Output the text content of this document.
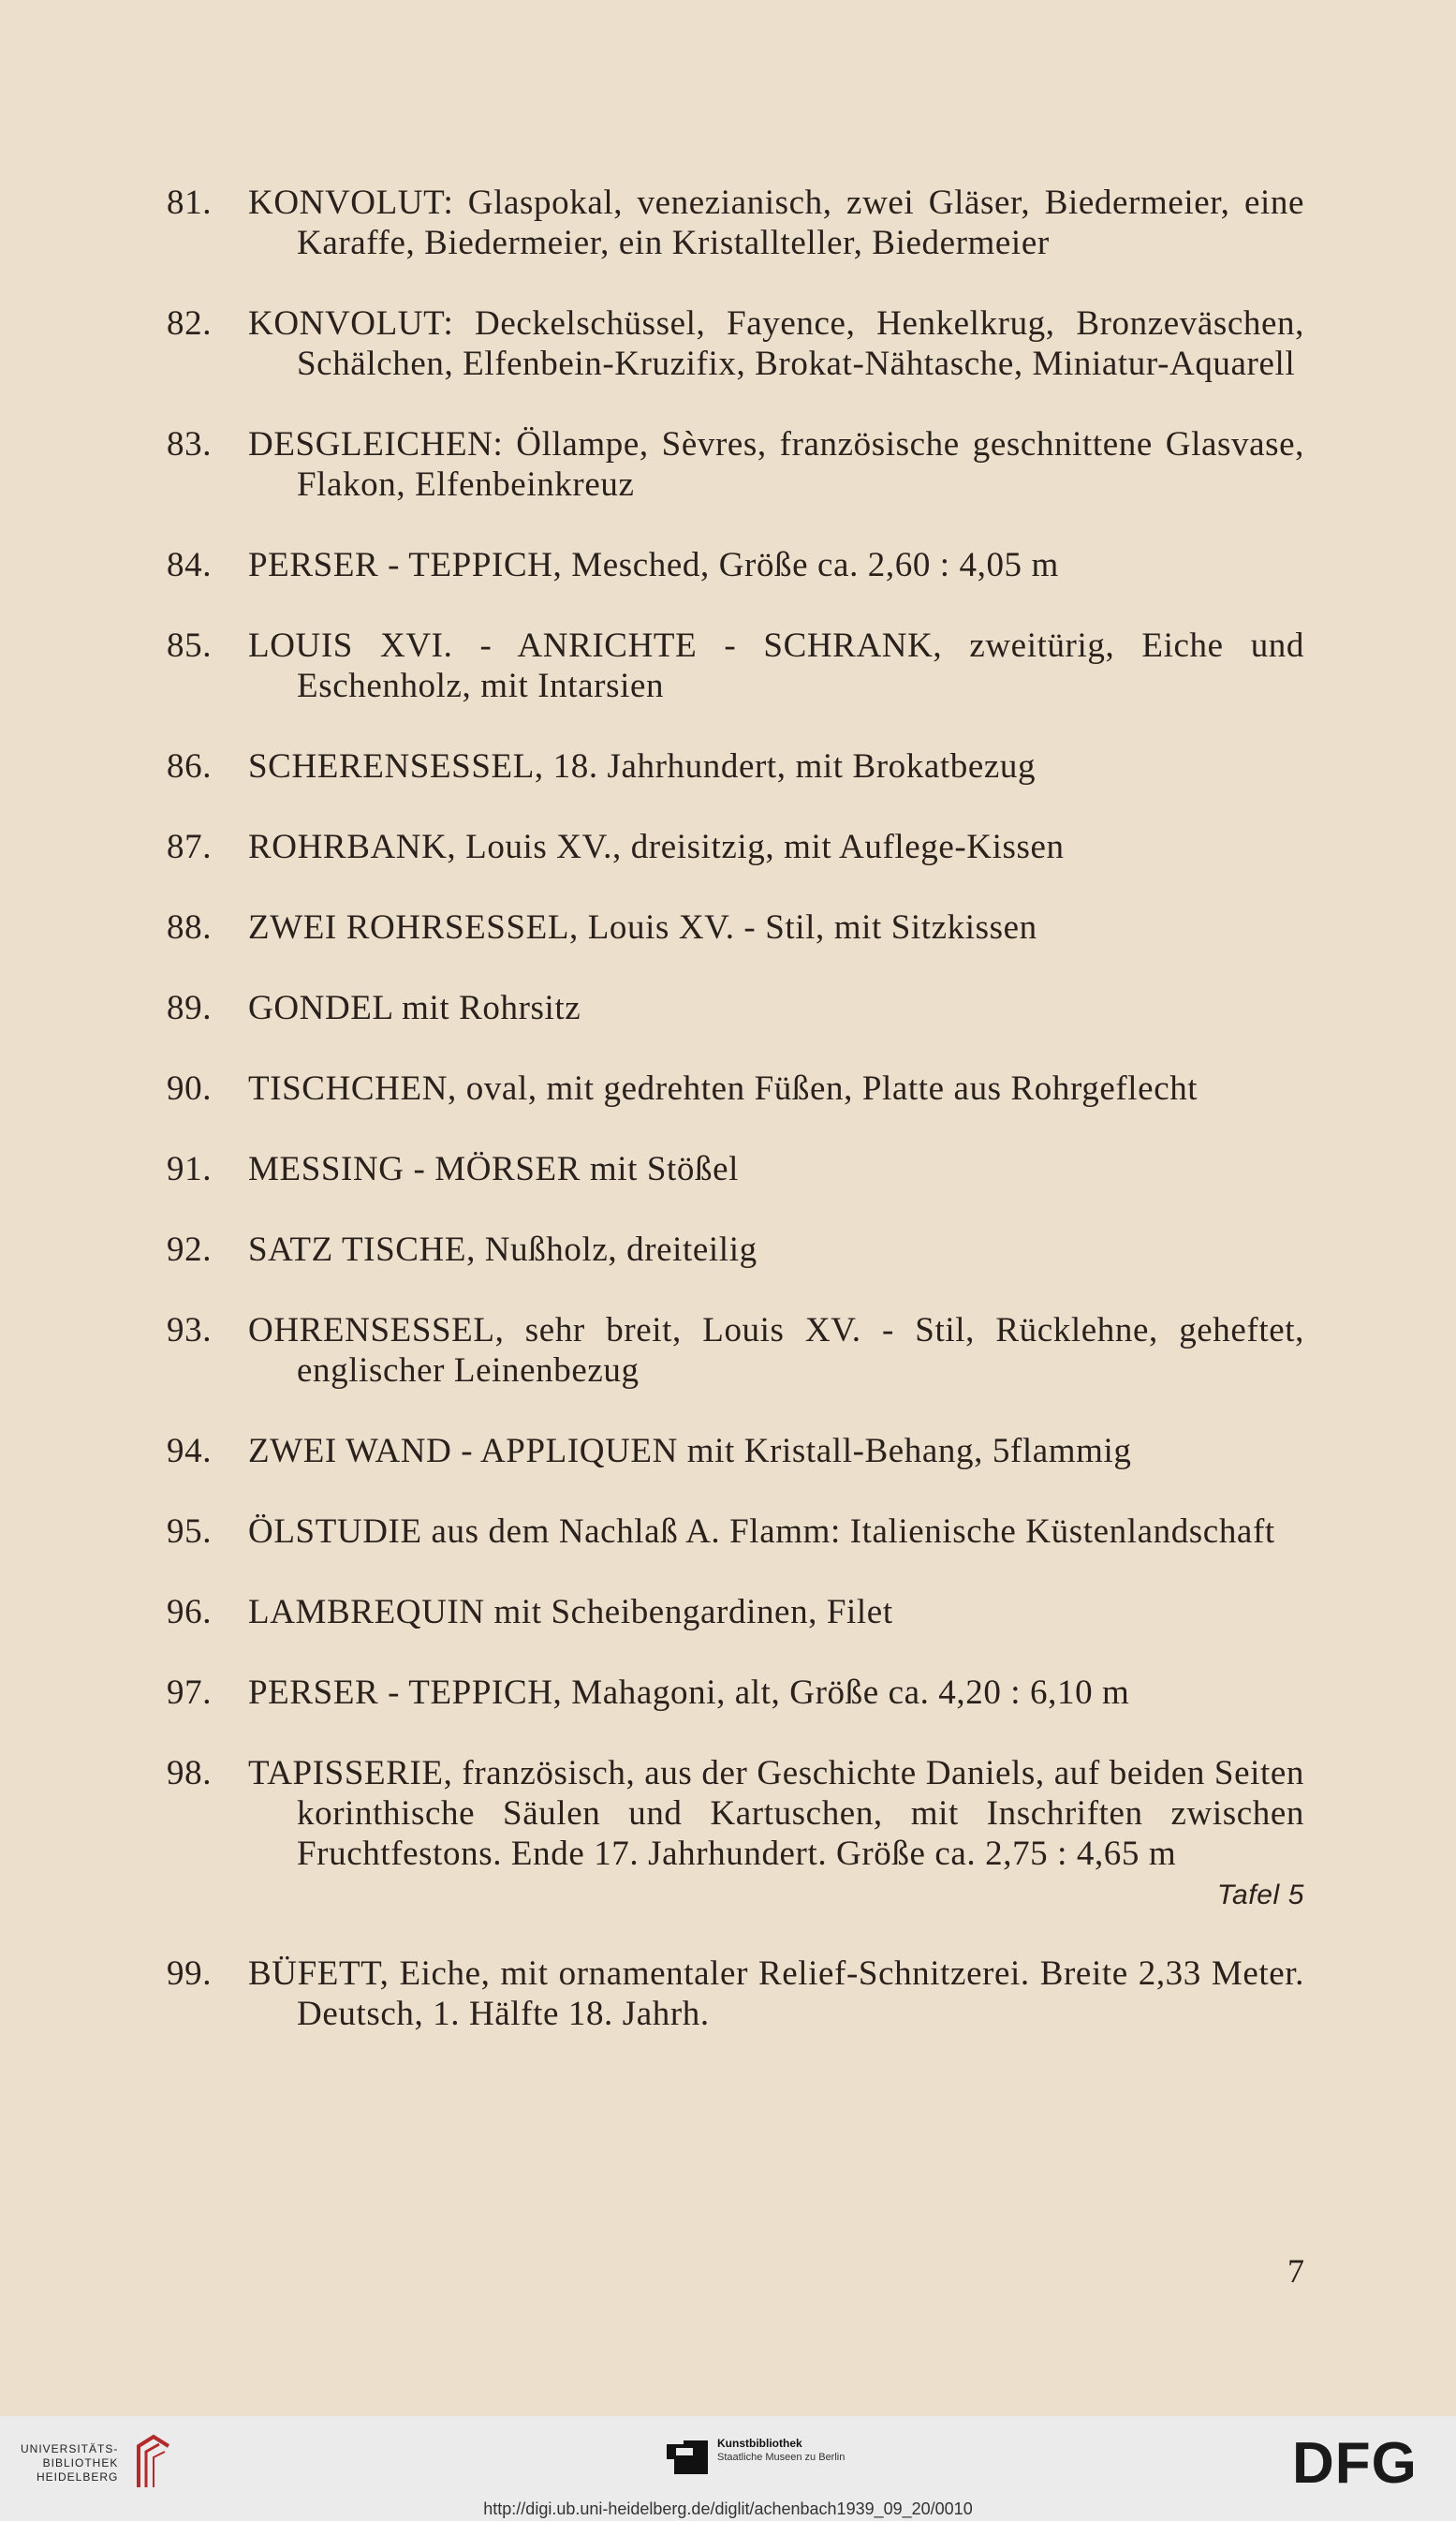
81.	KONVOLUT: Glaspokal, venezianisch, zwei Gläser, Biedermeier, eine Karaffe, Biedermeier, ein Kristallteller, Biedermeier
82.	KONVOLUT: Deckelschüssel, Fayence, Henkelkrug, Bronzeväschen, Schälchen, Elfenbein-Kruzifix, Brokat-Nähtasche, Miniatur-Aquarell
83.	DESGLEICHEN: Öllampe, Sèvres, französische geschnittene Glasvase, Flakon, Elfenbeinkreuz
84.	PERSER - TEPPICH, Mesched, Größe ca. 2,60 : 4,05 m
85.	LOUIS XVI. - ANRICHTE - SCHRANK, zweitürig, Eiche und Eschenholz, mit Intarsien
86.	SCHERENSESSEL, 18. Jahrhundert, mit Brokatbezug
87.	ROHRBANK, Louis XV., dreisitzig, mit Auflege-Kissen
88.	ZWEI ROHRSESSEL, Louis XV. - Stil, mit Sitzkissen
89.	GONDEL mit Rohrsitz
90.	TISCHCHEN, oval, mit gedrehten Füßen, Platte aus Rohrgeflecht
91.	MESSING - MÖRSER mit Stößel
92.	SATZ TISCHE, Nußholz, dreiteilig
93.	OHRENSESSEL, sehr breit, Louis XV. - Stil, Rücklehne, geheftet, englischer Leinenbezug
94.	ZWEI WAND - APPLIQUEN mit Kristall-Behang, 5flammig
95.	ÖLSTUDIE aus dem Nachlaß A. Flamm: Italienische Küstenlandschaft
96.	LAMBREQUIN mit Scheibengardinen, Filet
97.	PERSER - TEPPICH, Mahagoni, alt, Größe ca. 4,20 : 6,10 m
98.	TAPISSERIE, französisch, aus der Geschichte Daniels, auf beiden Seiten korinthische Säulen und Kartuschen, mit Inschriften zwischen Fruchtfestons. Ende 17. Jahrhundert. Größe ca. 2,75 : 4,65 m
Tafel 5
99.	BÜFETT, Eiche, mit ornamentaler Relief-Schnitzerei. Breite 2,33 Meter. Deutsch, 1. Hälfte 18. Jahrh.
7
UNIVERSITÄTS-
BIBLIOTHEK
HEIDELBERG
Kunstbibliothek
Staatliche Museen zu Berlin	DFG
http://digi.ub.uni-heidelberg.de/diglit/achenbach1939_09_20/0010
